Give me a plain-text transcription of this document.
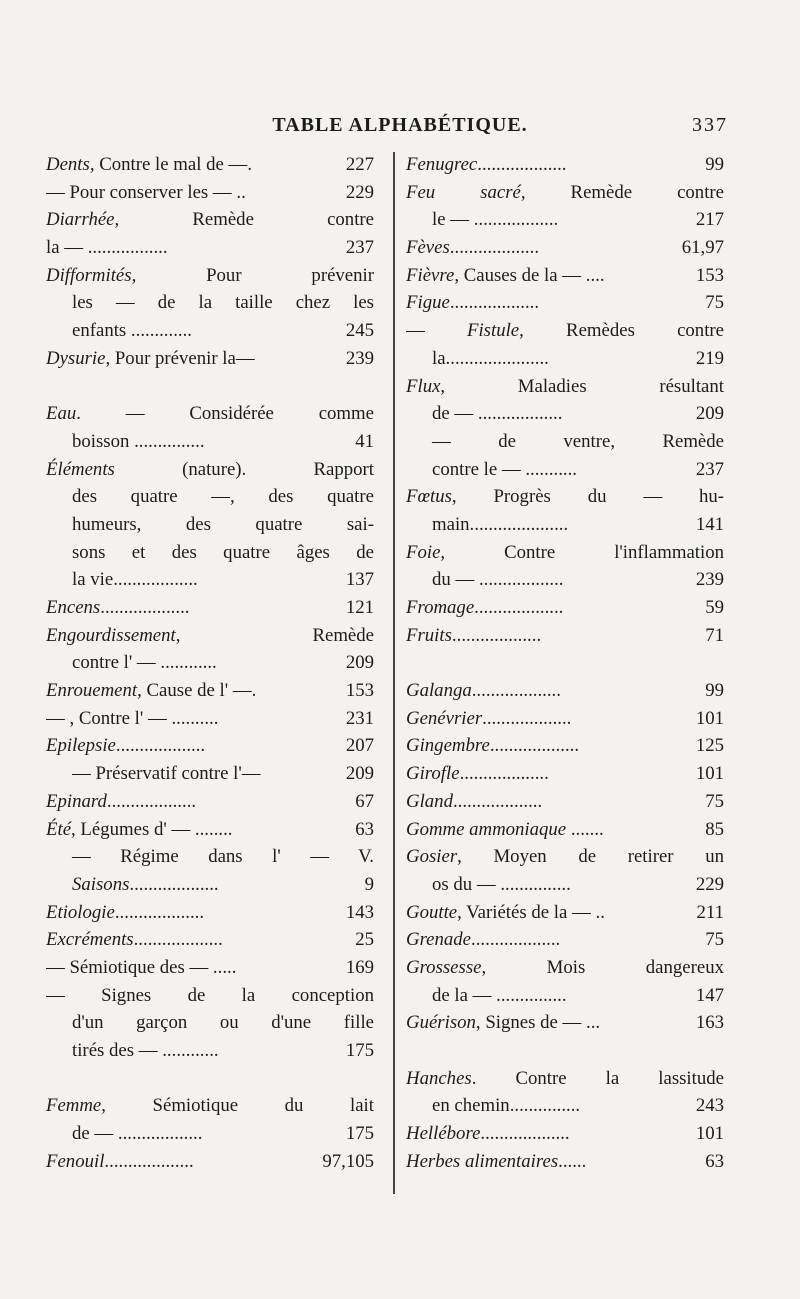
TABLE ALPHABÉTIQUE.	337
Dents, Contre le mal de —.	227
— Pour conserver les — ..	229
Diarrhée, Remède contre
la — .................	237
Difformités, Pour prévenir
les — de la taille chez les
enfants .............	245
Dysurie, Pour prévenir la—	239
Eau. — Considérée comme
boisson ...............	41
Éléments (nature). Rapport
des quatre —, des quatre
humeurs, des quatre sai-
sons et des quatre âges de
la vie..................	137
Encens...................	121
Engourdissement, Remède
contre l' — ............	209
Enrouement, Cause de l' —.	153
— , Contre l' — ..........	231
Epilepsie...................	207
— Préservatif contre l'—	209
Epinard...................	67
Été, Légumes d' — ........	63
— Régime dans l' — V.
Saisons...................	9
Etiologie...................	143
Excréments...................	25
— Sémiotique des — .....	169
— Signes de la conception
d'un garçon ou d'une fille
tirés des — ............	175
Femme, Sémiotique du lait
de — ..................	175
Fenouil...................	97,105
Fenugrec...................	99
Feu sacré, Remède contre
le — ..................	217
Fèves...................	61,97
Fièvre, Causes de la — ....	153
Figue...................	75
— Fistule, Remèdes contre
la......................	219
Flux, Maladies résultant
de — ..................	209
— de ventre, Remède
contre le — ...........	237
Fœtus, Progrès du — hu-
main.....................	141
Foie, Contre l'inflammation
du — ..................	239
Fromage...................	59
Fruits...................	71
Galanga...................	99
Genévrier...................	101
Gingembre...................	125
Girofle...................	101
Gland...................	75
Gomme ammoniaque .......	85
Gosier, Moyen de retirer un
os du — ...............	229
Goutte, Variétés de la — ..	211
Grenade...................	75
Grossesse, Mois dangereux
de la — ...............	147
Guérison, Signes de — ...	163
Hanches. Contre la lassitude
en chemin...............	243
Hellébore...................	101
Herbes alimentaires......	63
